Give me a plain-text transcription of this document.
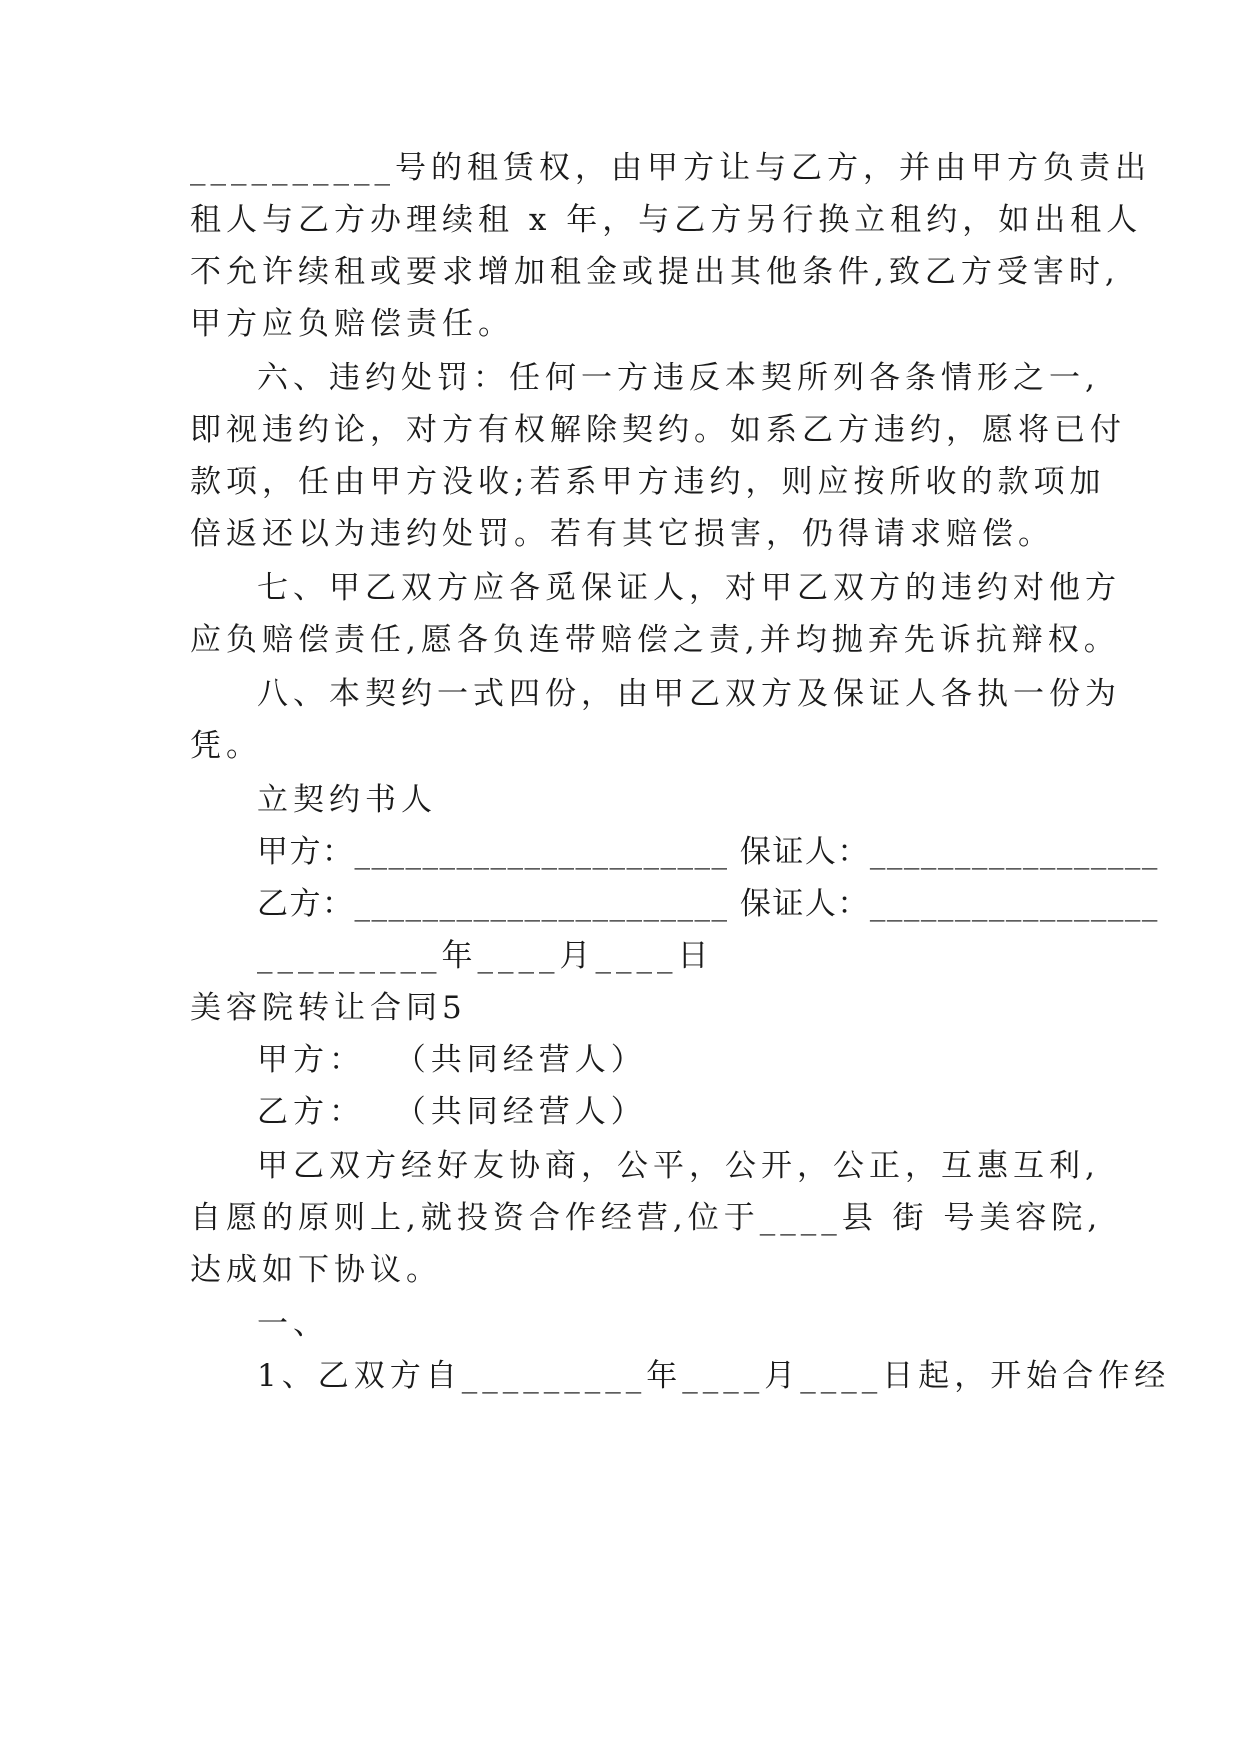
__________号的租赁权，由甲方让与乙方，并由甲方负责出
租人与乙方办理续租 x 年，与乙方另行换立租约，如出租人
不允许续租或要求增加租金或提出其他条件,致乙方受害时,
甲方应负赔偿责任。
六、违约处罚：任何一方违反本契所列各条情形之一,
即视违约论，对方有权解除契约。如系乙方违约，愿将已付
款项，任由甲方没收;若系甲方违约，则应按所收的款项加
倍返还以为违约处罚。若有其它损害，仍得请求赔偿。
七、甲乙双方应各觅保证人，对甲乙双方的违约对他方
应负赔偿责任,愿各负连带赔偿之责,并均抛弃先诉抗辩权。
八、本契约一式四份，由甲乙双方及保证人各执一份为
凭。
立契约书人
甲方：______________________ 保证人：_________________
乙方：______________________ 保证人：_________________
_________年____月____日
美容院转让合同5
甲方：  （共同经营人）
乙方：  （共同经营人）
甲乙双方经好友协商，公平，公开，公正，互惠互利,
自愿的原则上,就投资合作经营,位于____县 街 号美容院,
达成如下协议。
一、
1、乙双方自_________年____月____日起，开始合作经
